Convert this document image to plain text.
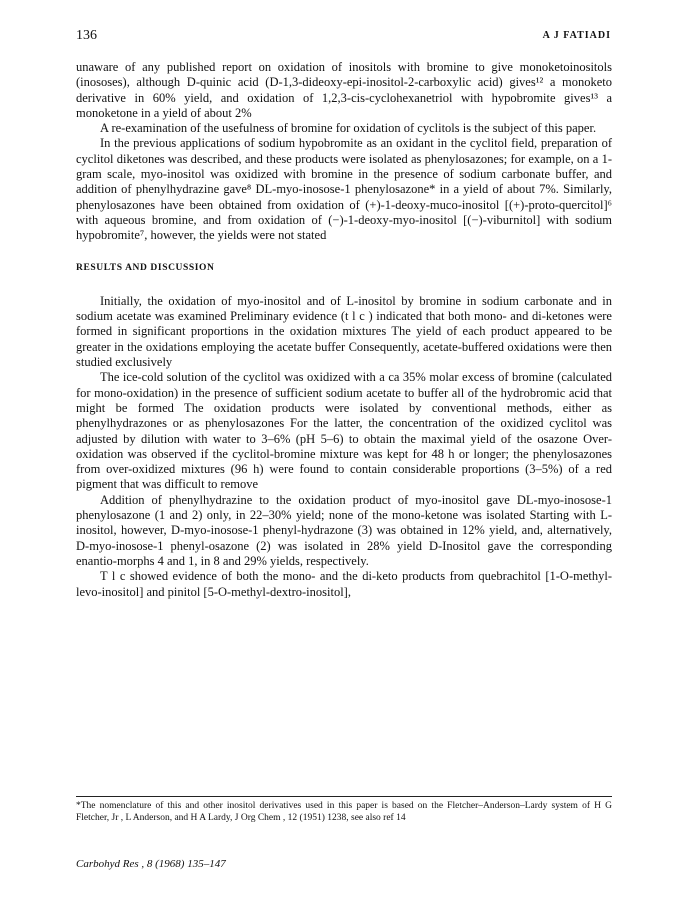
136	A J FATIADI

unaware of any published report on oxidation of inositols with bromine to give monoketoinositols (inososes), although D-quinic acid (D-1,3-dideoxy-epi-inositol-2-carboxylic acid) gives¹² a monoketo derivative in 60% yield, and oxidation of 1,2,3-cis-cyclohexanetriol with hypobromite gives¹³ a monoketone in a yield of about 2%

A re-examination of the usefulness of bromine for oxidation of cyclitols is the subject of this paper.

In the previous applications of sodium hypobromite as an oxidant in the cyclitol field, preparation of cyclitol diketones was described, and these products were isolated as phenylosazones; for example, on a 1-gram scale, myo-inositol was oxidized with bromine in the presence of sodium carbonate buffer, and addition of phenylhydrazine gave⁸ DL-myo-inosose-1 phenylosazone* in a yield of about 7%. Similarly, phenylosazones have been obtained from oxidation of (+)-1-deoxy-muco-inositol [(+)-proto-quercitol]⁶ with aqueous bromine, and from oxidation of (−)-1-deoxy-myo-inositol [(−)-viburnitol] with sodium hypobromite⁷, however, the yields were not stated

RESULTS AND DISCUSSION

Initially, the oxidation of myo-inositol and of L-inositol by bromine in sodium carbonate and in sodium acetate was examined Preliminary evidence (t l c ) indicated that both mono- and di-ketones were formed in significant proportions in the oxidation mixtures The yield of each product appeared to be greater in the oxidations employing the acetate buffer Consequently, acetate-buffered oxidations were then studied exclusively

The ice-cold solution of the cyclitol was oxidized with a ca 35% molar excess of bromine (calculated for mono-oxidation) in the presence of sufficient sodium acetate to buffer all of the hydrobromic acid that might be formed The oxidation products were isolated by conventional methods, either as phenylhydrazones or as phenylosazones For the latter, the concentration of the oxidized cyclitol was adjusted by dilution with water to 3–6% (pH 5–6) to obtain the maximal yield of the osazone Over-oxidation was observed if the cyclitol-bromine mixture was kept for 48 h or longer; the phenylosazones from over-oxidized mixtures (96 h) were found to contain considerable proportions (3–5%) of a red pigment that was difficult to remove

Addition of phenylhydrazine to the oxidation product of myo-inositol gave DL-myo-inosose-1 phenylosazone (1 and 2) only, in 22–30% yield; none of the mono-ketone was isolated Starting with L-inositol, however, D-myo-inosose-1 phenyl-hydrazone (3) was obtained in 12% yield, and, alternatively, D-myo-inosose-1 phenyl-osazone (2) was isolated in 28% yield D-Inositol gave the corresponding enantio-morphs 4 and 1, in 8 and 29% yields, respectively.

T l c showed evidence of both the mono- and the di-keto products from quebrachitol [1-O-methyl-levo-inositol] and pinitol [5-O-methyl-dextro-inositol],

*The nomenclature of this and other inositol derivatives used in this paper is based on the Fletcher–Anderson–Lardy system of H G Fletcher, Jr , L Anderson, and H A Lardy, J Org Chem , 12 (1951) 1238, see also ref 14
Carbohyd Res , 8 (1968) 135–147
